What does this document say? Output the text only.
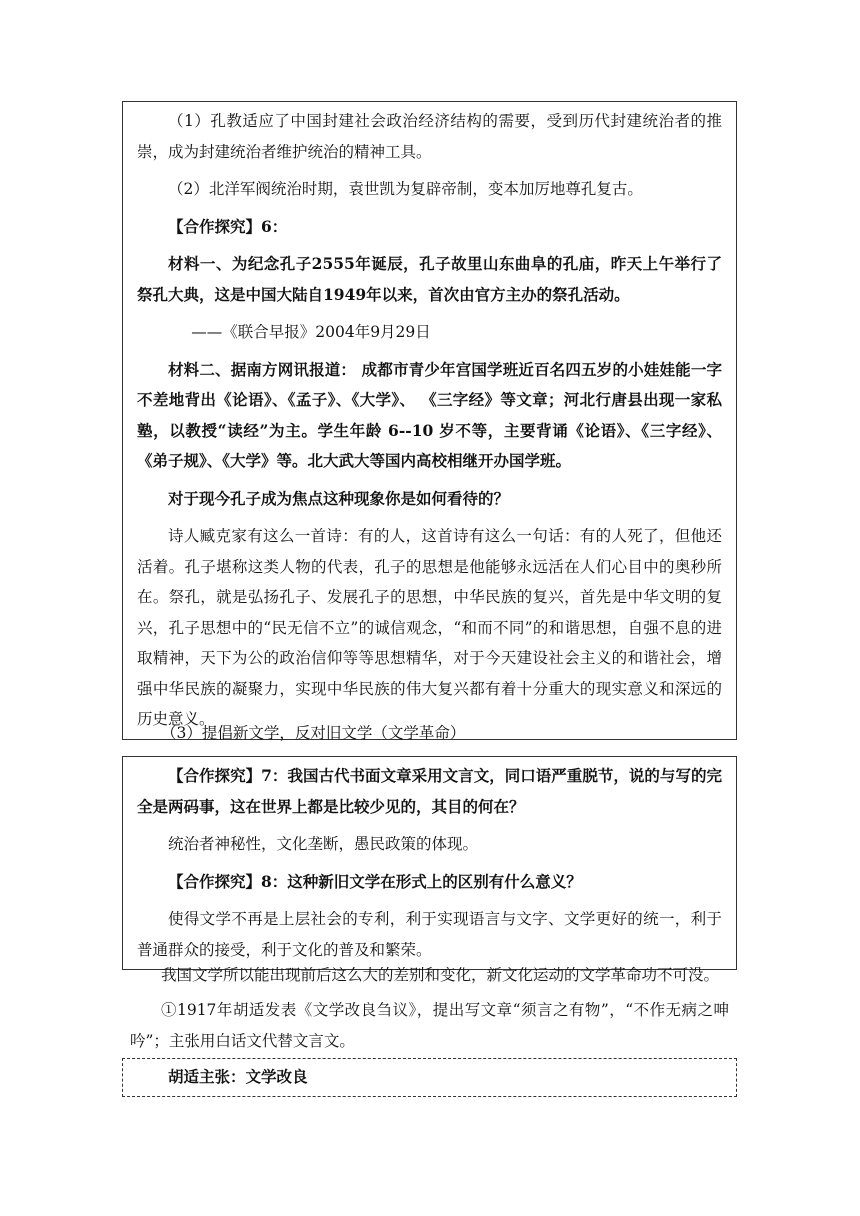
（1）孔教适应了中国封建社会政治经济结构的需要，受到历代封建统治者的推崇，成为封建统治者维护统治的精神工具。

（2）北洋军阀统治时期，袁世凯为复辟帝制，变本加厉地尊孔复古。

【合作探究】6：

材料一、为纪念孔子2555年诞辰，孔子故里山东曲阜的孔庙，昨天上午举行了祭孔大典，这是中国大陆自1949年以来，首次由官方主办的祭孔活动。

——《联合早报》2004年9月29日

材料二、据南方网讯报道： 成都市青少年宫国学班近百名四五岁的小娃娃能一字不差地背出《论语》、《孟子》、《大学》、 《三字经》等文章；河北行唐县出现一家私塾，以教授“读经”为主。学生年龄 6--10 岁不等，主要背诵《论语》、《三字经》、《弟子规》、《大学》等。北大武大等国内高校相继开办国学班。

对于现今孔子成为焦点这种现象你是如何看待的？

诗人臧克家有这么一首诗：有的人，这首诗有这么一句话：有的人死了，但他还活着。孔子堪称这类人物的代表，孔子的思想是他能够永远活在人们心目中的奥秒所在。祭孔，就是弘扬孔子、发展孔子的思想，中华民族的复兴，首先是中华文明的复兴，孔子思想中的“民无信不立”的诚信观念，“和而不同”的和谐思想，自强不息的进取精神，天下为公的政治信仰等等思想精华，对于今天建设社会主义的和谐社会，增强中华民族的凝聚力，实现中华民族的伟大复兴都有着十分重大的现实意义和深远的历史意义。

（3）提倡新文学，反对旧文学（文学革命）

【合作探究】7：我国古代书面文章采用文言文，同口语严重脱节，说的与写的完全是两码事，这在世界上都是比较少见的，其目的何在？

统治者神秘性，文化垄断，愚民政策的体现。

【合作探究】8：这种新旧文学在形式上的区别有什么意义？

使得文学不再是上层社会的专利，利于实现语言与文字、文学更好的统一，利于普通群众的接受，利于文化的普及和繁荣。

我国文学所以能出现前后这么大的差别和变化，新文化运动的文学革命功不可没。

①1917年胡适发表《文学改良刍议》，提出写文章“须言之有物”，“不作无病之呻吟”；主张用白话文代替文言文。

胡适主张：文学改良
